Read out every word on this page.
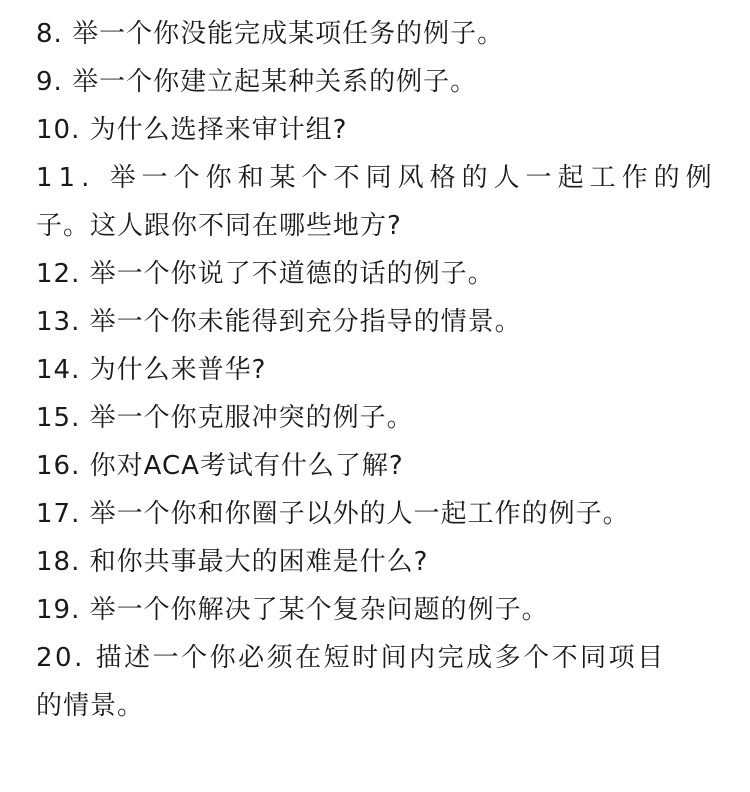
8. 举一个你没能完成某项任务的例子。
9. 举一个你建立起某种关系的例子。
10. 为什么选择来审计组?
11. 举一个你和某个不同风格的人一起工作的例
子。这人跟你不同在哪些地方?
12. 举一个你说了不道德的话的例子。
13. 举一个你未能得到充分指导的情景。
14. 为什么来普华?
15. 举一个你克服冲突的例子。
16. 你对ACA考试有什么了解?
17. 举一个你和你圈子以外的人一起工作的例子。
18. 和你共事最大的困难是什么?
19. 举一个你解决了某个复杂问题的例子。
20. 描述一个你必须在短时间内完成多个不同项目
的情景。
